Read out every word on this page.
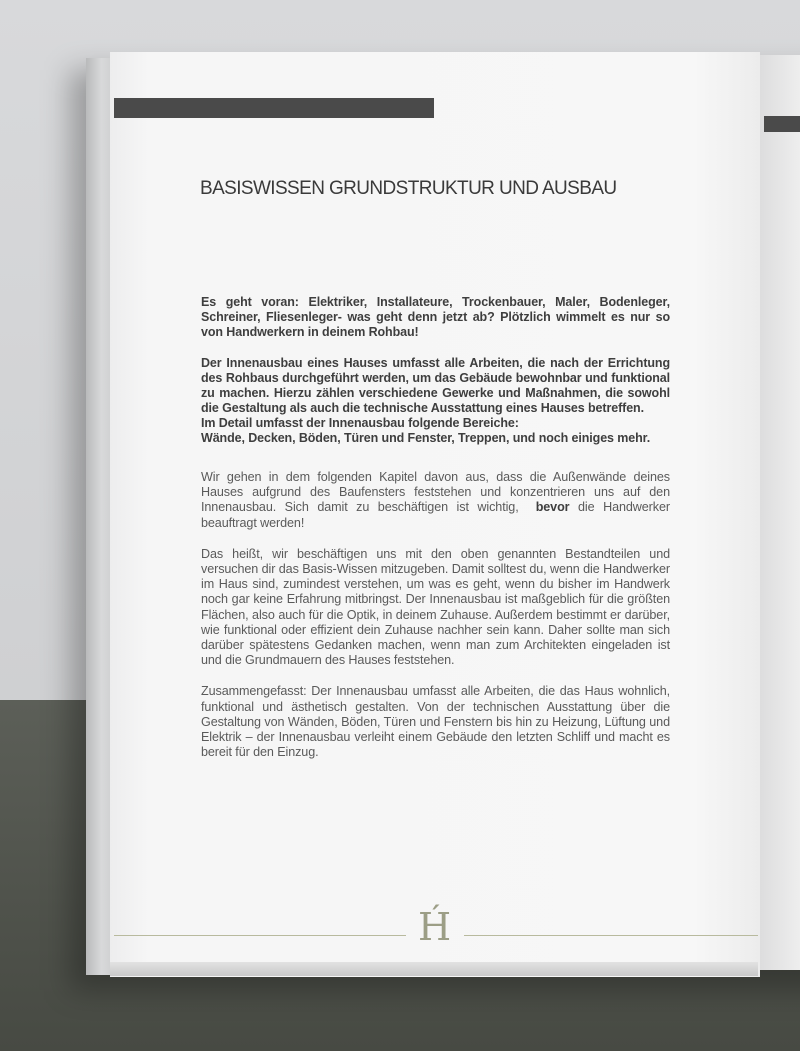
BASISWISSEN GRUNDSTRUKTUR UND AUSBAU

Es geht voran: Elektriker, Installateure, Trockenbauer, Maler, Bodenleger, Schreiner, Fliesenleger- was geht denn jetzt ab? Plötzlich wimmelt es nur so von Handwerkern in deinem Rohbau!

Der Innenausbau eines Hauses umfasst alle Arbeiten, die nach der Errichtung des Rohbaus durchgeführt werden, um das Gebäude bewohnbar und funktional zu machen. Hierzu zählen verschiedene Gewerke und Maßnahmen, die sowohl die Gestaltung als auch die technische Ausstattung eines Hauses betreffen.

Im Detail umfasst der Innenausbau folgende Bereiche:

Wände, Decken, Böden, Türen und Fenster, Treppen, und noch einiges mehr.

Wir gehen in dem folgenden Kapitel davon aus, dass die Außenwände deines Hauses aufgrund des Baufensters feststehen und konzentrieren uns auf den Innenausbau. Sich damit zu beschäftigen ist wichtig, bevor die Handwerker beauftragt werden!

Das heißt, wir beschäftigen uns mit den oben genannten Bestandteilen und versuchen dir das Basis-Wissen mitzugeben. Damit solltest du, wenn die Handwerker im Haus sind, zumindest verstehen, um was es geht, wenn du bisher im Handwerk noch gar keine Erfahrung mitbringst. Der Innenausbau ist maßgeblich für die größten Flächen, also auch für die Optik, in deinem Zuhause. Außerdem bestimmt er darüber, wie funktional oder effizient dein Zuhause nachher sein kann. Daher sollte man sich darüber spätestens Gedanken machen, wenn man zum Architekten eingeladen ist und die Grundmauern des Hauses feststehen.

Zusammengefasst: Der Innenausbau umfasst alle Arbeiten, die das Haus wohnlich, funktional und ästhetisch gestalten. Von der technischen Ausstattung über die Gestaltung von Wänden, Böden, Türen und Fenstern bis hin zu Heizung, Lüftung und Elektrik – der Innenausbau verleiht einem Gebäude den letzten Schliff und macht es bereit für den Einzug.

H́
